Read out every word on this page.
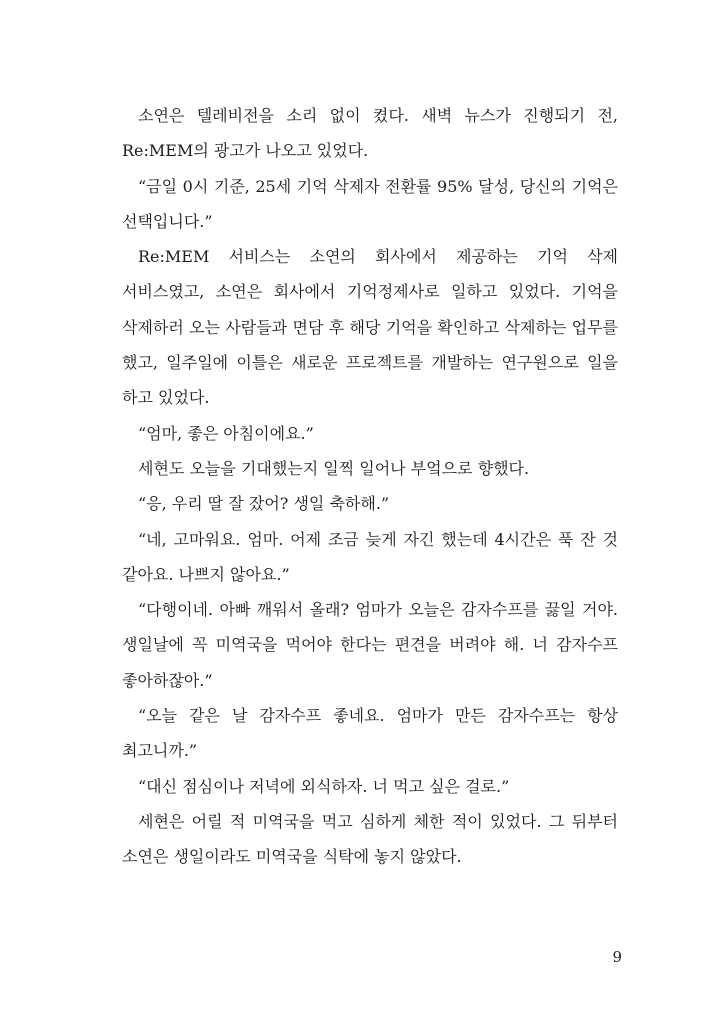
소연은 텔레비전을 소리 없이 켰다. 새벽 뉴스가 진행되기 전, Re:MEM의 광고가 나오고 있었다.

“금일 0시 기준, 25세 기억 삭제자 전환률 95% 달성, 당신의 기억은 선택입니다.”

Re:MEM 서비스는 소연의 회사에서 제공하는 기억 삭제 서비스였고, 소연은 회사에서 기억정제사로 일하고 있었다. 기억을 삭제하러 오는 사람들과 면담 후 해당 기억을 확인하고 삭제하는 업무를 했고, 일주일에 이틀은 새로운 프로젝트를 개발하는 연구원으로 일을 하고 있었다.

“엄마, 좋은 아침이에요.”

세현도 오늘을 기대했는지 일찍 일어나 부엌으로 향했다.

“응, 우리 딸 잘 잤어? 생일 축하해.”

“네, 고마워요. 엄마. 어제 조금 늦게 자긴 했는데 4시간은 푹 잔 것 같아요. 나쁘지 않아요.”

“다행이네. 아빠 깨워서 올래? 엄마가 오늘은 감자수프를 끓일 거야. 생일날에 꼭 미역국을 먹어야 한다는 편견을 버려야 해. 너 감자수프 좋아하잖아.”

“오늘 같은 날 감자수프 좋네요. 엄마가 만든 감자수프는 항상 최고니까.”

“대신 점심이나 저녁에 외식하자. 너 먹고 싶은 걸로.”

세현은 어릴 적 미역국을 먹고 심하게 체한 적이 있었다. 그 뒤부터 소연은 생일이라도 미역국을 식탁에 놓지 않았다.

9
